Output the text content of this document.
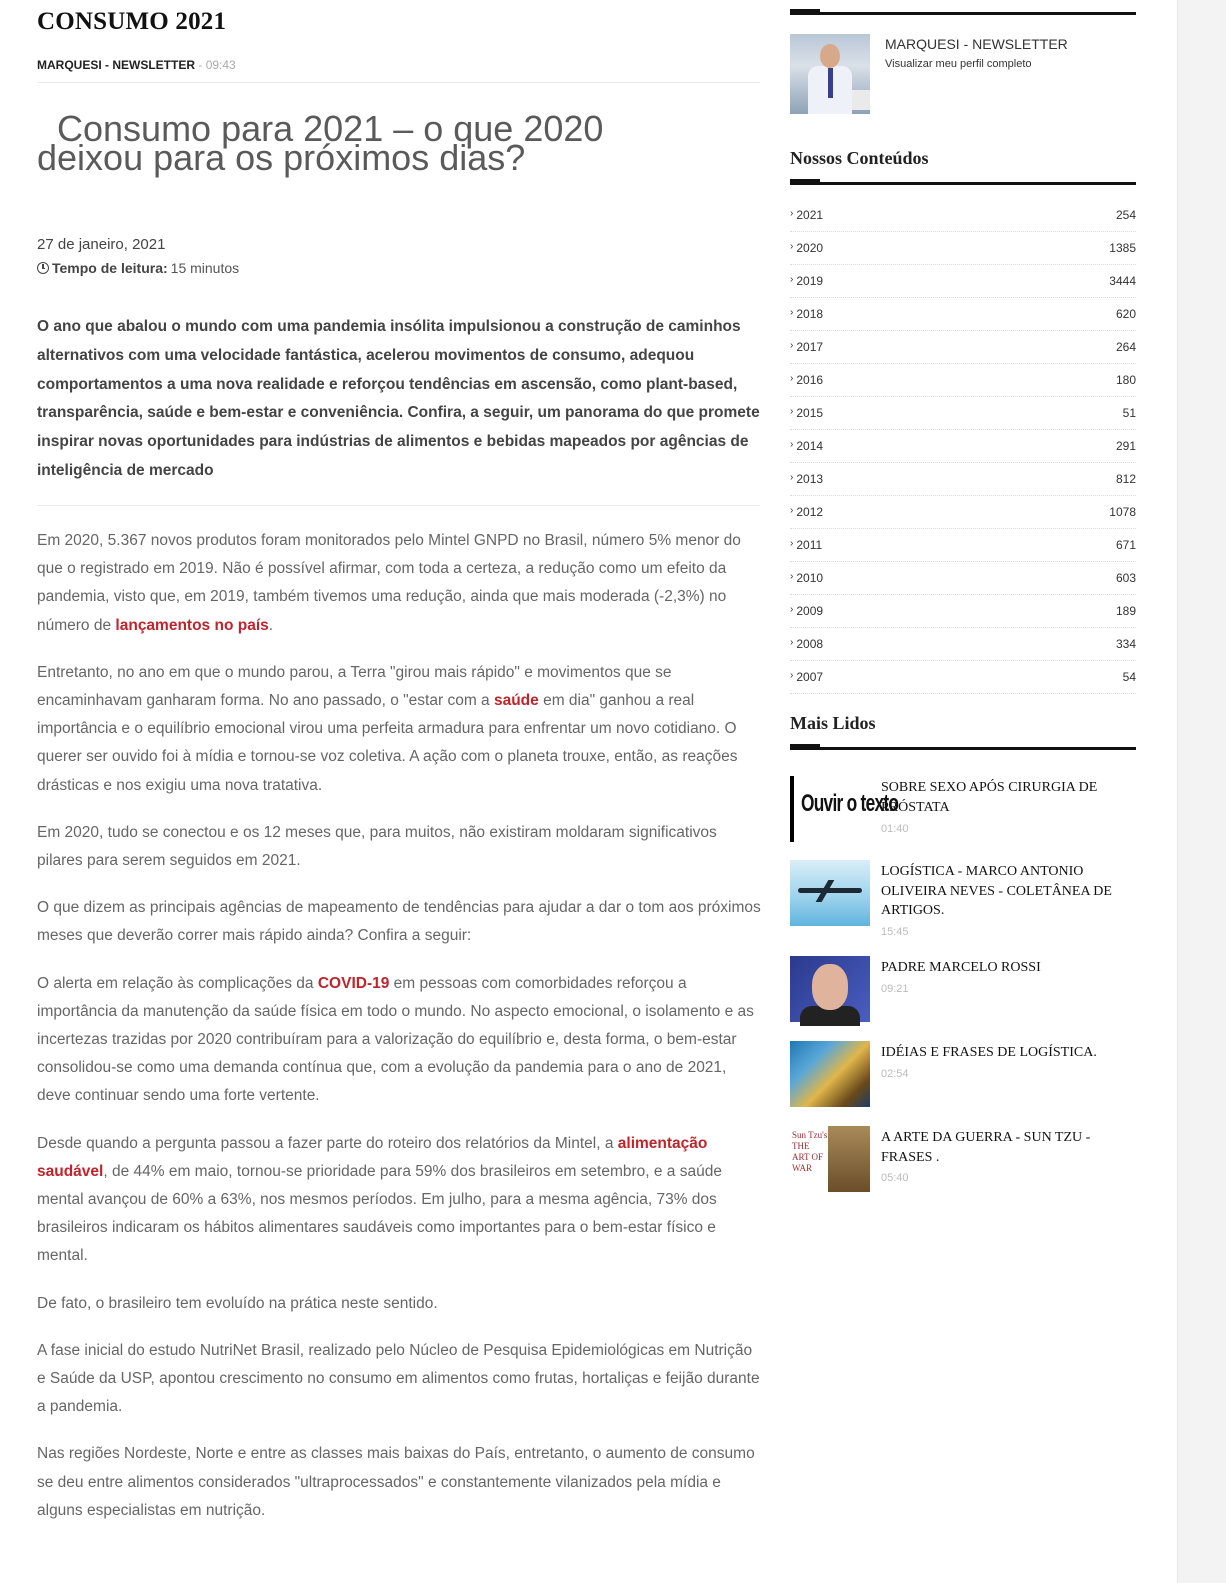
CONSUMO 2021
MARQUESI - NEWSLETTER - 09:43
Consumo para 2021 – o que 2020
deixou para os próximos dias?
27 de janeiro, 2021
Tempo de leitura: 15 minutos
O ano que abalou o mundo com uma pandemia insólita impulsionou a construção de caminhos alternativos com uma velocidade fantástica, acelerou movimentos de consumo, adequou comportamentos a uma nova realidade e reforçou tendências em ascensão, como plant-based, transparência, saúde e bem-estar e conveniência. Confira, a seguir, um panorama do que promete inspirar novas oportunidades para indústrias de alimentos e bebidas mapeados por agências de inteligência de mercado

Em 2020, 5.367 novos produtos foram monitorados pelo Mintel GNPD no Brasil, número 5% menor do que o registrado em 2019. Não é possível afirmar, com toda a certeza, a redução como um efeito da pandemia, visto que, em 2019, também tivemos uma redução, ainda que mais moderada (-2,3%) no número de lançamentos no país.

Entretanto, no ano em que o mundo parou, a Terra "girou mais rápido" e movimentos que se encaminhavam ganharam forma. No ano passado, o "estar com a saúde em dia" ganhou a real importância e o equilíbrio emocional virou uma perfeita armadura para enfrentar um novo cotidiano. O querer ser ouvido foi à mídia e tornou-se voz coletiva. A ação com o planeta trouxe, então, as reações drásticas e nos exigiu uma nova tratativa.

Em 2020, tudo se conectou e os 12 meses que, para muitos, não existiram moldaram significativos pilares para serem seguidos em 2021.

O que dizem as principais agências de mapeamento de tendências para ajudar a dar o tom aos próximos meses que deverão correr mais rápido ainda? Confira a seguir:

O alerta em relação às complicações da COVID-19 em pessoas com comorbidades reforçou a importância da manutenção da saúde física em todo o mundo. No aspecto emocional, o isolamento e as incertezas trazidas por 2020 contribuíram para a valorização do equilíbrio e, desta forma, o bem-estar consolidou-se como uma demanda contínua que, com a evolução da pandemia para o ano de 2021, deve continuar sendo uma forte vertente.

Desde quando a pergunta passou a fazer parte do roteiro dos relatórios da Mintel, a alimentação saudável, de 44% em maio, tornou-se prioridade para 59% dos brasileiros em setembro, e a saúde mental avançou de 60% a 63%, nos mesmos períodos. Em julho, para a mesma agência, 73% dos brasileiros indicaram os hábitos alimentares saudáveis como importantes para o bem-estar físico e mental.

De fato, o brasileiro tem evoluído na prática neste sentido.

A fase inicial do estudo NutriNet Brasil, realizado pelo Núcleo de Pesquisa Epidemiológicas em Nutrição e Saúde da USP, apontou crescimento no consumo em alimentos como frutas, hortaliças e feijão durante a pandemia.

Nas regiões Nordeste, Norte e entre as classes mais baixas do País, entretanto, o aumento de consumo se deu entre alimentos considerados "ultraprocessados" e constantemente vilanizados pela mídia e alguns especialistas em nutrição.

MARQUESI - NEWSLETTER
Visualizar meu perfil completo
Nossos Conteúdos
› 2021	254
› 2020	1385
› 2019	3444
› 2018	620
› 2017	264
› 2016	180
› 2015	51
› 2014	291
› 2013	812
› 2012	1078
› 2011	671
› 2010	603
› 2009	189
› 2008	334
› 2007	54
Mais Lidos
Ouvir o texto
SOBRE SEXO APÓS CIRURGIA DE PRÓSTATA
01:40
LOGÍSTICA - MARCO ANTONIO OLIVEIRA NEVES - COLETÂNEA DE ARTIGOS.
15:45
PADRE MARCELO ROSSI
09:21
IDÉIAS E FRASES DE LOGÍSTICA.
02:54
Sun Tzu's THE ART OF WAR
A ARTE DA GUERRA - SUN TZU - FRASES .
05:40
